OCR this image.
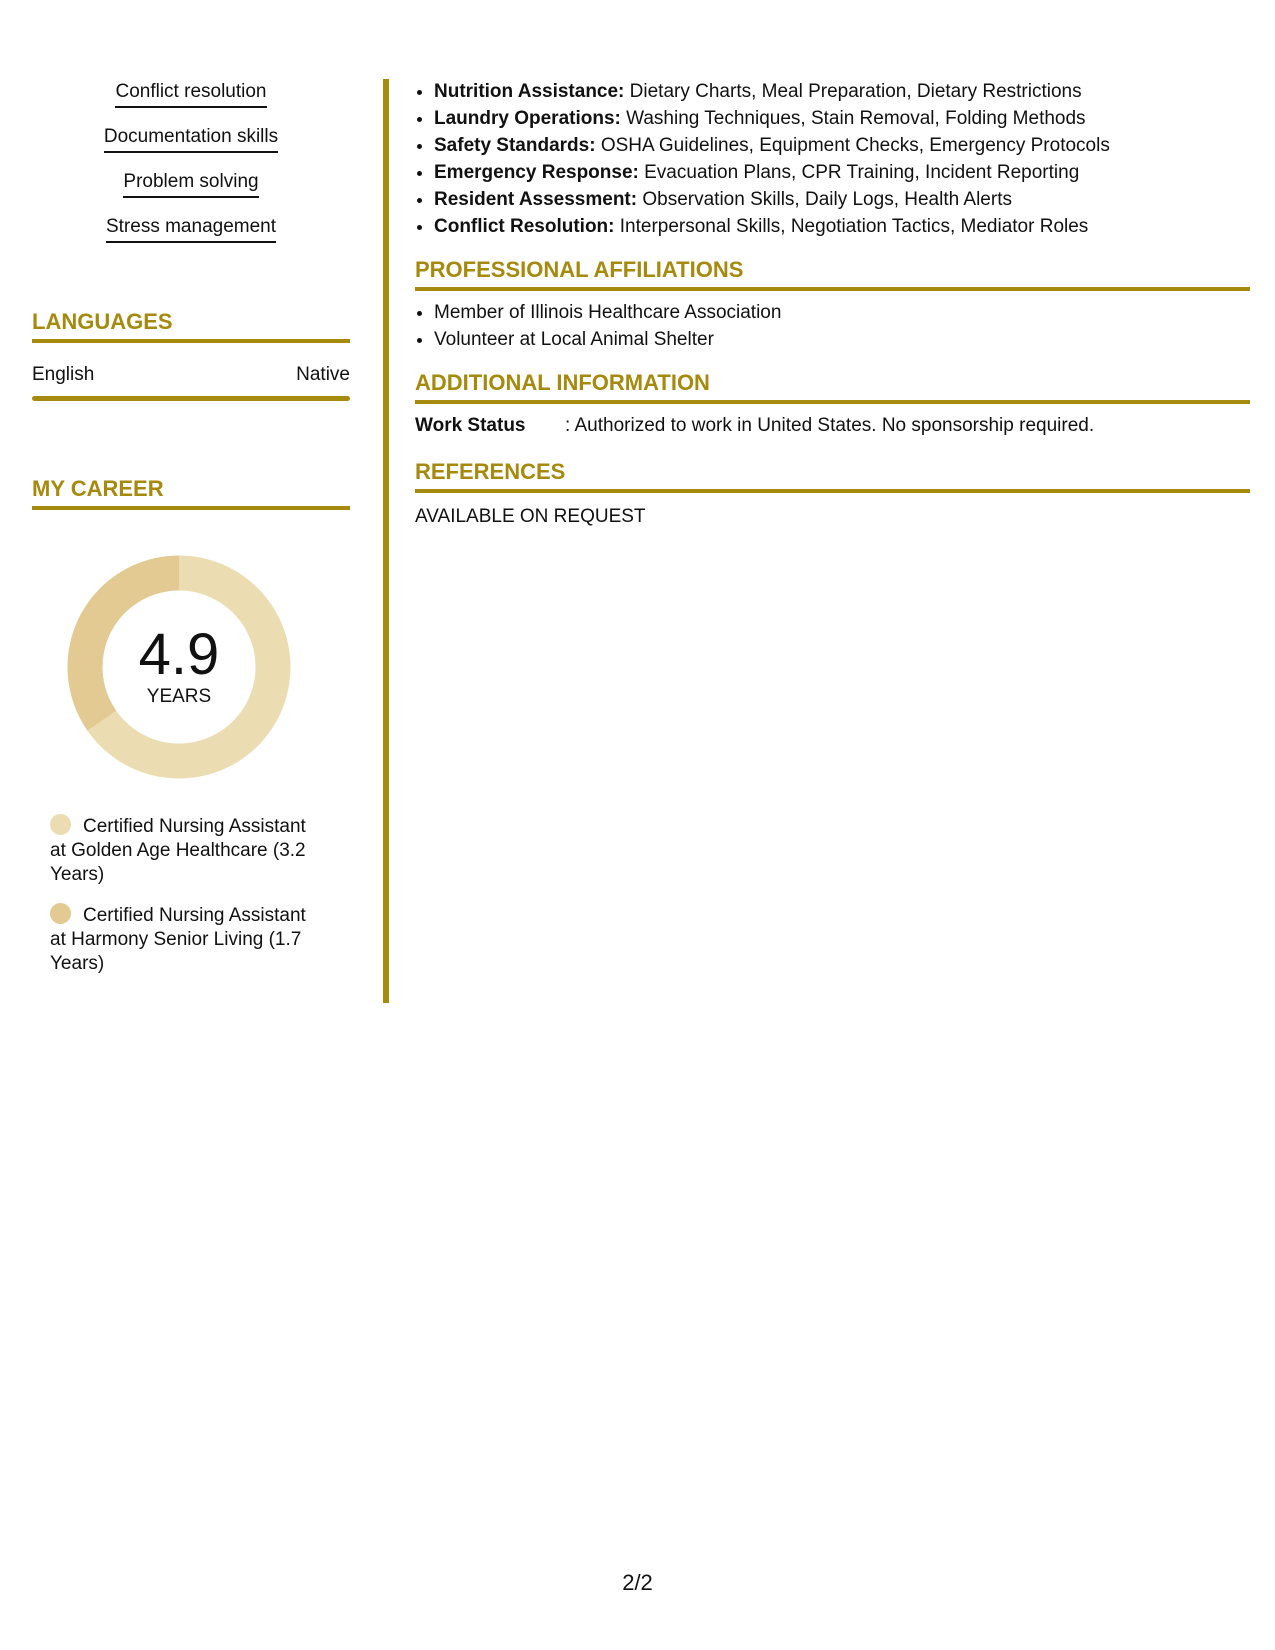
Conflict resolution
Documentation skills
Problem solving
Stress management
LANGUAGES
English	Native
MY CAREER
4.9
YEARS
Certified Nursing Assistant at Golden Age Healthcare (3.2 Years)
Certified Nursing Assistant at Harmony Senior Living (1.7 Years)
• Nutrition Assistance: Dietary Charts, Meal Preparation, Dietary Restrictions
• Laundry Operations: Washing Techniques, Stain Removal, Folding Methods
• Safety Standards: OSHA Guidelines, Equipment Checks, Emergency Protocols
• Emergency Response: Evacuation Plans, CPR Training, Incident Reporting
• Resident Assessment: Observation Skills, Daily Logs, Health Alerts
• Conflict Resolution: Interpersonal Skills, Negotiation Tactics, Mediator Roles
PROFESSIONAL AFFILIATIONS
• Member of Illinois Healthcare Association
• Volunteer at Local Animal Shelter
ADDITIONAL INFORMATION
Work Status	: Authorized to work in United States. No sponsorship required.
REFERENCES
AVAILABLE ON REQUEST
2/2
